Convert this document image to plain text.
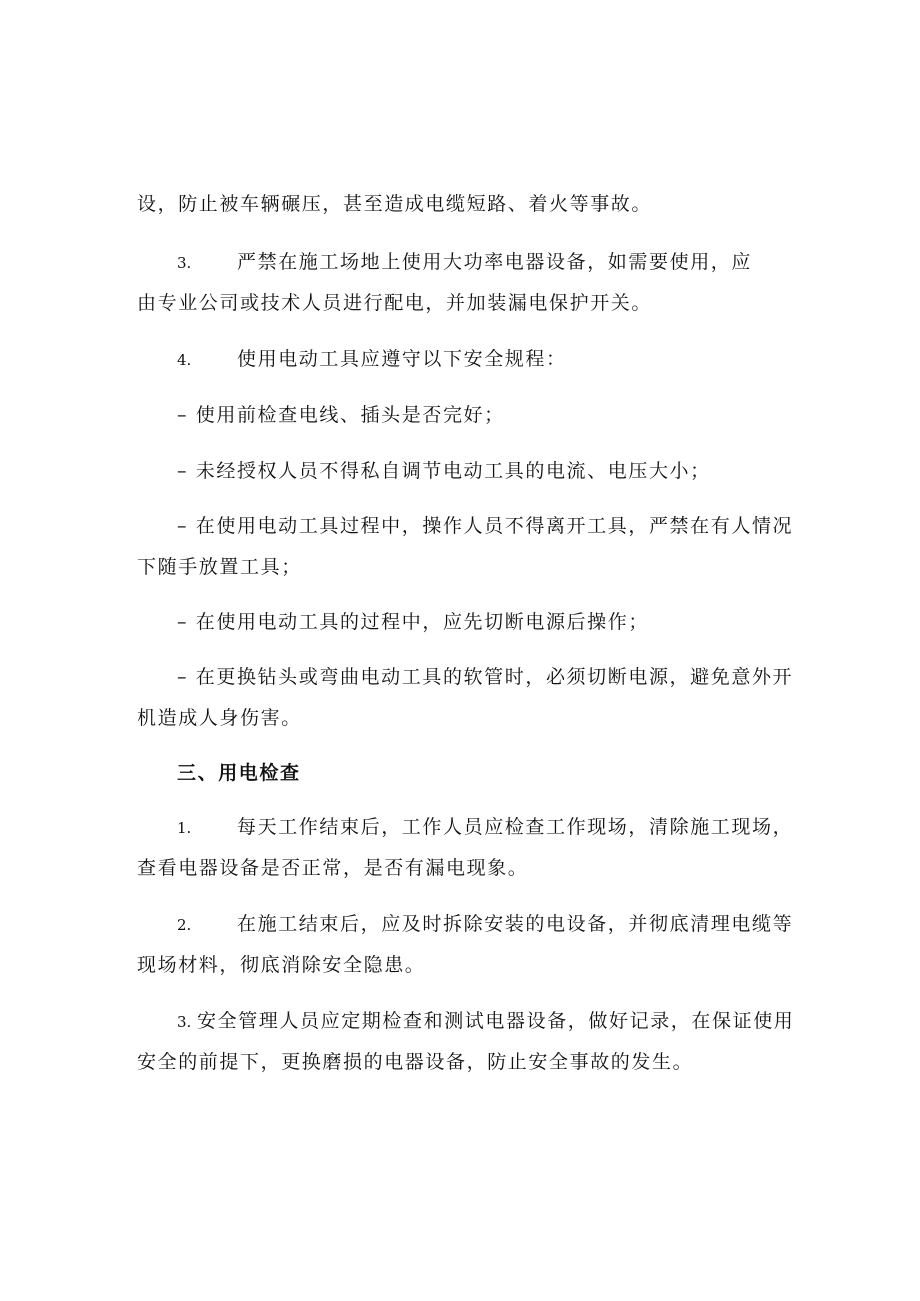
设，防止被车辆碾压，甚至造成电缆短路、着火等事故。
3. 严禁在施工场地上使用大功率电器设备，如需要使用，应
由专业公司或技术人员进行配电，并加装漏电保护开关。
4. 使用电动工具应遵守以下安全规程：
– 使用前检查电线、插头是否完好；
– 未经授权人员不得私自调节电动工具的电流、电压大小；
– 在使用电动工具过程中，操作人员不得离开工具，严禁在有人情况
下随手放置工具；
– 在使用电动工具的过程中，应先切断电源后操作；
– 在更换钻头或弯曲电动工具的软管时，必须切断电源，避免意外开
机造成人身伤害。
三、用电检查
1. 每天工作结束后，工作人员应检查工作现场，清除施工现场，
查看电器设备是否正常，是否有漏电现象。
2. 在施工结束后，应及时拆除安装的电设备，并彻底清理电缆等
现场材料，彻底消除安全隐患。
3. 安全管理人员应定期检查和测试电器设备，做好记录，在保证使用
安全的前提下，更换磨损的电器设备，防止安全事故的发生。
